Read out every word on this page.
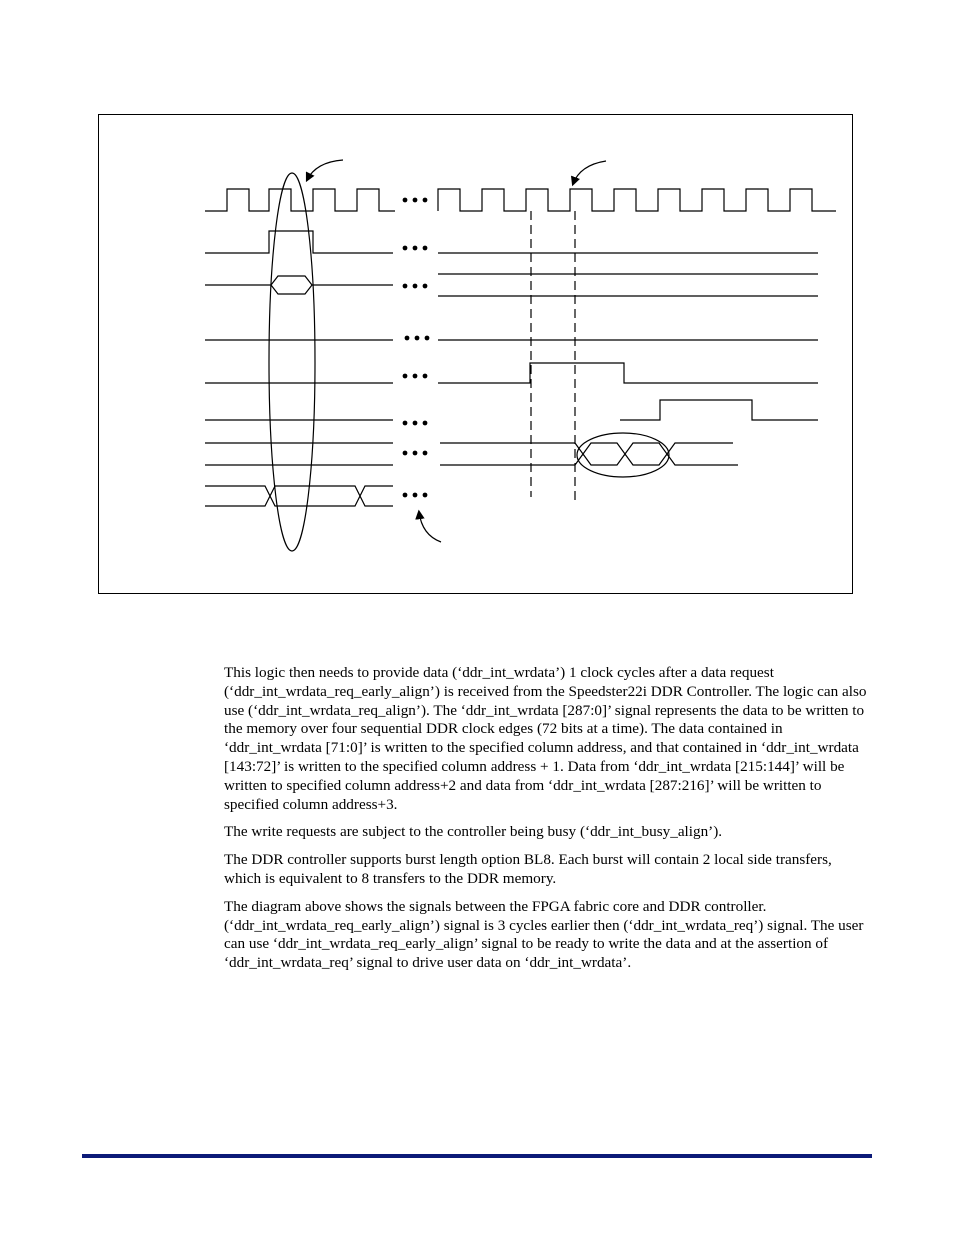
This logic then needs to provide data (‘ddr_int_wrdata’) 1 clock cycles after a data request (‘ddr_int_wrdata_req_early_align’) is received from the Speedster22i DDR Controller. The logic can also use (‘ddr_int_wrdata_req_align’). The ‘ddr_int_wrdata [287:0]’ signal represents the data to be written to the memory over four sequential DDR clock edges (72 bits at a time). The data contained in ‘ddr_int_wrdata [71:0]’ is written to the specified column address, and that contained in ‘ddr_int_wrdata [143:72]’ is written to the specified column address + 1. Data from ‘ddr_int_wrdata [215:144]’ will be written to specified column address+2 and data from ‘ddr_int_wrdata [287:216]’ will be written to specified column address+3.

The write requests are subject to the controller being busy (‘ddr_int_busy_align’).

The DDR controller supports burst length option BL8. Each burst will contain 2 local side transfers, which is equivalent to 8 transfers to the DDR memory.

The diagram above shows the signals between the FPGA fabric core and DDR controller. (‘ddr_int_wrdata_req_early_align’) signal is 3 cycles earlier then (‘ddr_int_wrdata_req’) signal. The user can use ‘ddr_int_wrdata_req_early_align’ signal to be ready to write the data and at the assertion of ‘ddr_int_wrdata_req’ signal to drive user data on ‘ddr_int_wrdata’.
